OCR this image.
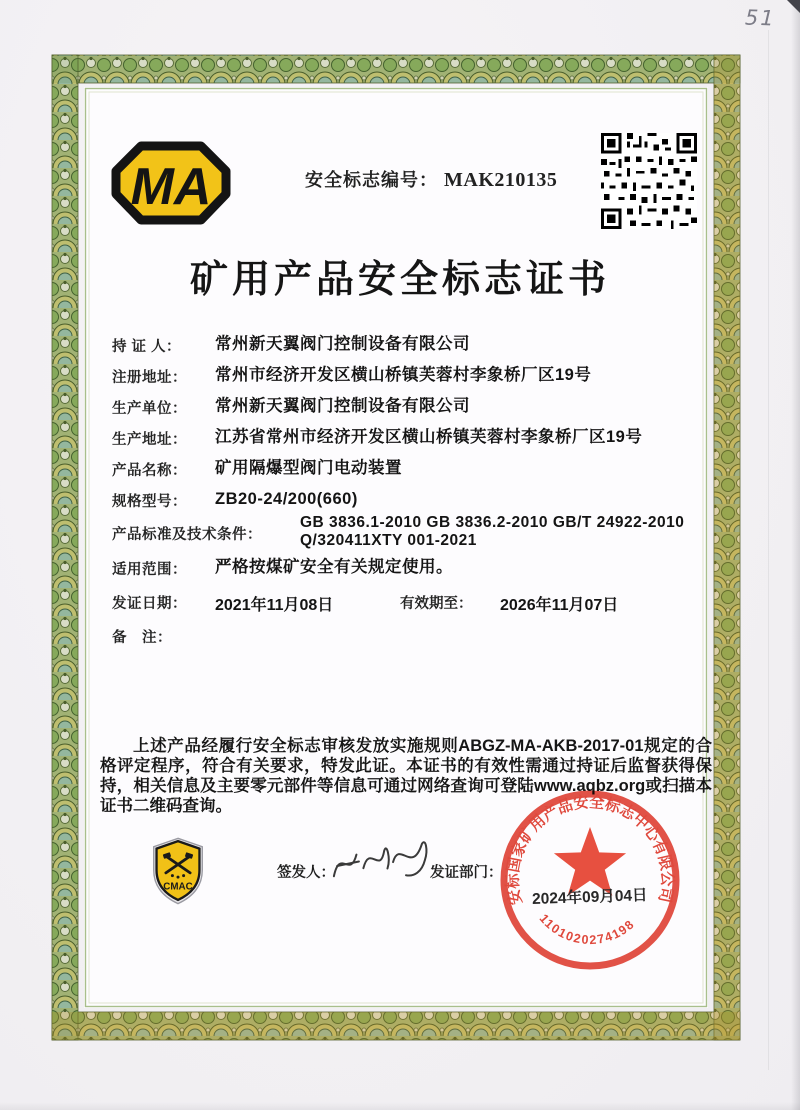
MA	安全标志编号： MAK210135
矿用产品安全标志证书
持 证 人：	常州新天翼阀门控制设备有限公司
注册地址：	常州市经济开发区横山桥镇芙蓉村李象桥厂区19号
生产单位：	常州新天翼阀门控制设备有限公司
生产地址：	江苏省常州市经济开发区横山桥镇芙蓉村李象桥厂区19号
产品名称：	矿用隔爆型阀门电动装置
规格型号：	ZB20-24/200(660)
产品标准及技术条件：
GB 3836.1-2010 GB 3836.2-2010 GB/T 24922-2010 Q/320411XTY 001-2021
适用范围：	严格按煤矿安全有关规定使用。
发证日期：	2021年11月08日	有效期至：	2026年11月07日
备　注：
上述产品经履行安全标志审核发放实施规则ABGZ-MA-AKB-2017-01规定的合格评定程序，符合有关要求，特发此证。本证书的有效性需通过持证后监督获得保持，相关信息及主要零元部件等信息可通过网络查询可登陆www.aqbz.org或扫描本证书二维码查询。
CMAC
签发人：	发证部门：
安标国家矿用产品安全标志中心有限公司
1101020274198
2024年09月04日
51
